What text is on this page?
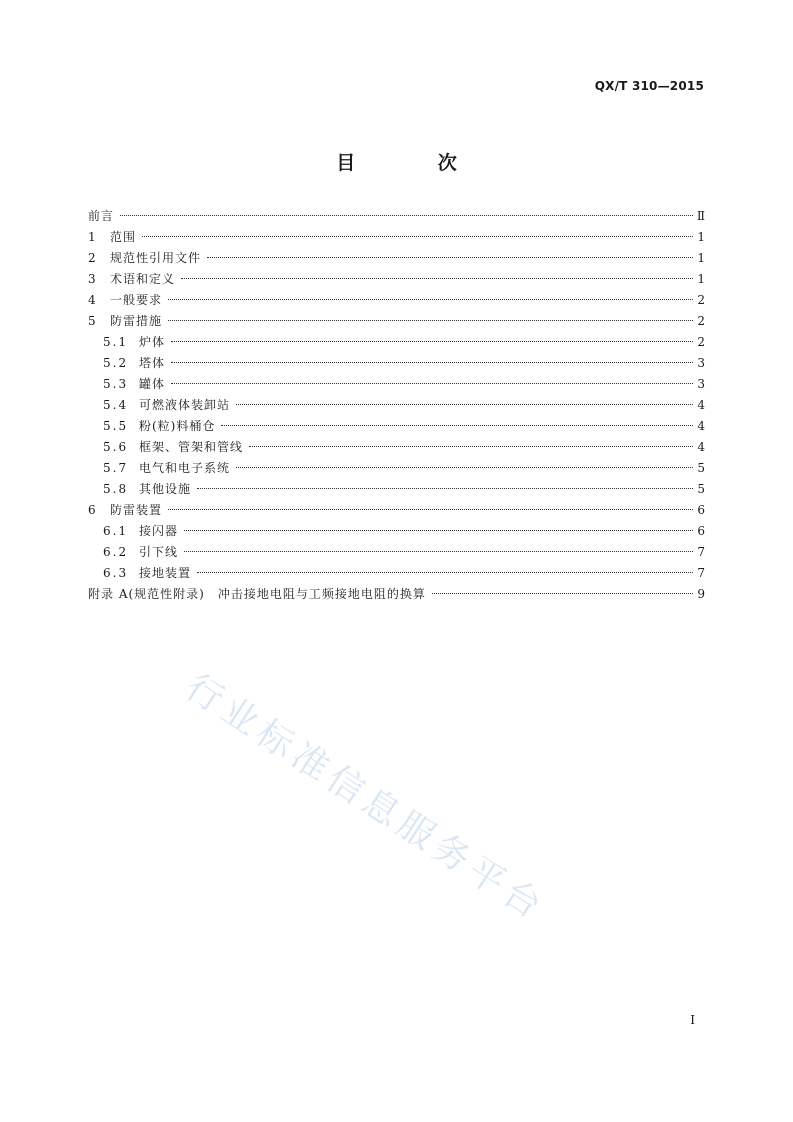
QX/T 310—2015
目 次
前言	Ⅱ
1	范围	1
2	规范性引用文件	1
3	术语和定义	1
4	一般要求	2
5	防雷措施	2
5.1 炉体	2
5.2 塔体	3
5.3 罐体	3
5.4 可燃液体装卸站	4
5.5 粉(粒)料桶仓	4
5.6 框架、管架和管线	4
5.7 电气和电子系统	5
5.8 其他设施	5
6	防雷装置	6
6.1 接闪器	6
6.2 引下线	7
6.3 接地装置	7
附录 A(规范性附录)　冲击接地电阻与工频接地电阻的换算	9
行业标准信息服务平台
I
